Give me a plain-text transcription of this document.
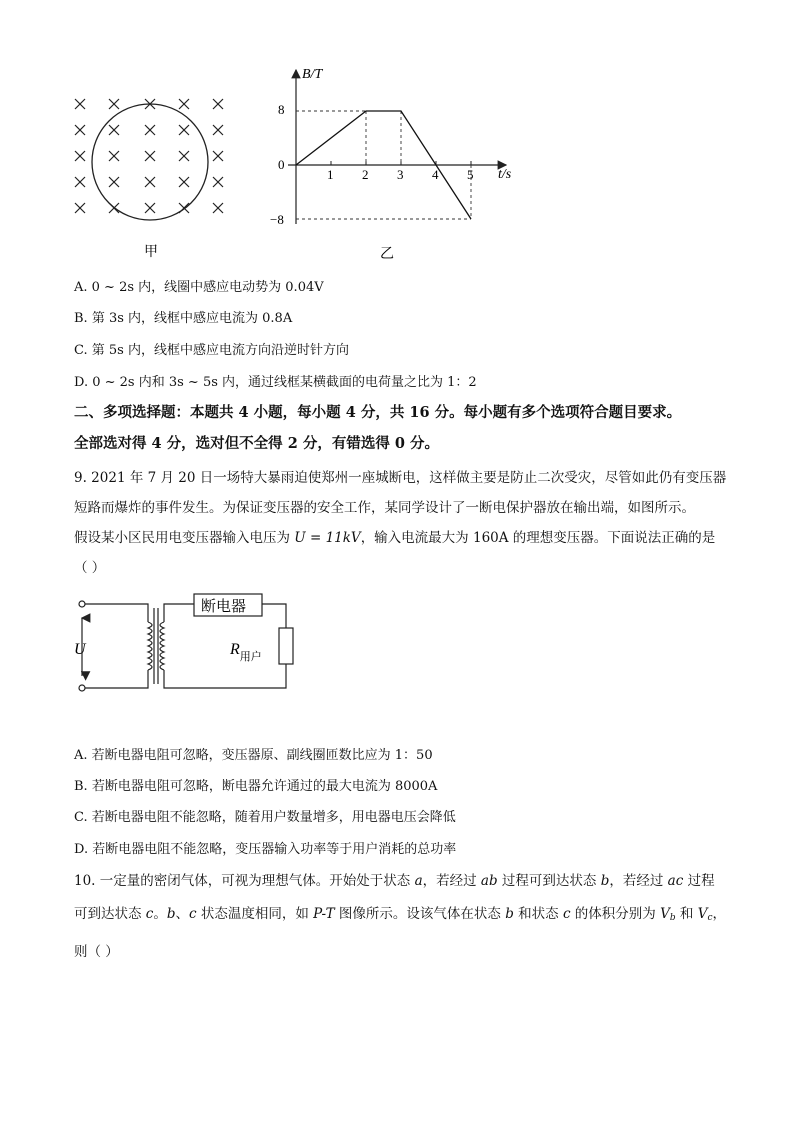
甲
B/T
t/s
0
8
−8
1 2 3 4 5
乙
A. 0 ~ 2s 内，线圈中感应电动势为 0.04V
B. 第 3s 内，线框中感应电流为 0.8A
C. 第 5s 内，线框中感应电流方向沿逆时针方向
D. 0 ~ 2s 内和 3s ~ 5s 内，通过线框某横截面的电荷量之比为 1：2
二、多项选择题：本题共 4 小题，每小题 4 分，共 16 分。每小题有多个选项符合题目要求。
全部选对得 4 分，选对但不全得 2 分，有错选得 0 分。
9. 2021 年 7 月 20 日一场特大暴雨迫使郑州一座城断电，这样做主要是防止二次受灾，尽管如此仍有变压器
短路而爆炸的事件发生。为保证变压器的安全工作，某同学设计了一断电保护器放在输出端，如图所示。
假设某小区民用电变压器输入电压为 U = 11kV，输入电流最大为 160A 的理想变压器。下面说法正确的是
（ ）
断电器
U	$R_{用户}$
A. 若断电器电阻可忽略，变压器原、副线圈匝数比应为 1：50
B. 若断电器电阻可忽略，断电器允许通过的最大电流为 8000A
C. 若断电器电阻不能忽略，随着用户数量增多，用电器电压会降低
D. 若断电器电阻不能忽略，变压器输入功率等于用户消耗的总功率
10. 一定量的密闭气体，可视为理想气体。开始处于状态 a，若经过 ab 过程可到达状态 b，若经过 ac 过程
可到达状态 c。b、c 状态温度相同，如 P-T 图像所示。设该气体在状态 b 和状态 c 的体积分别为 $V_b$ 和 $V_c$，
则（ ）
